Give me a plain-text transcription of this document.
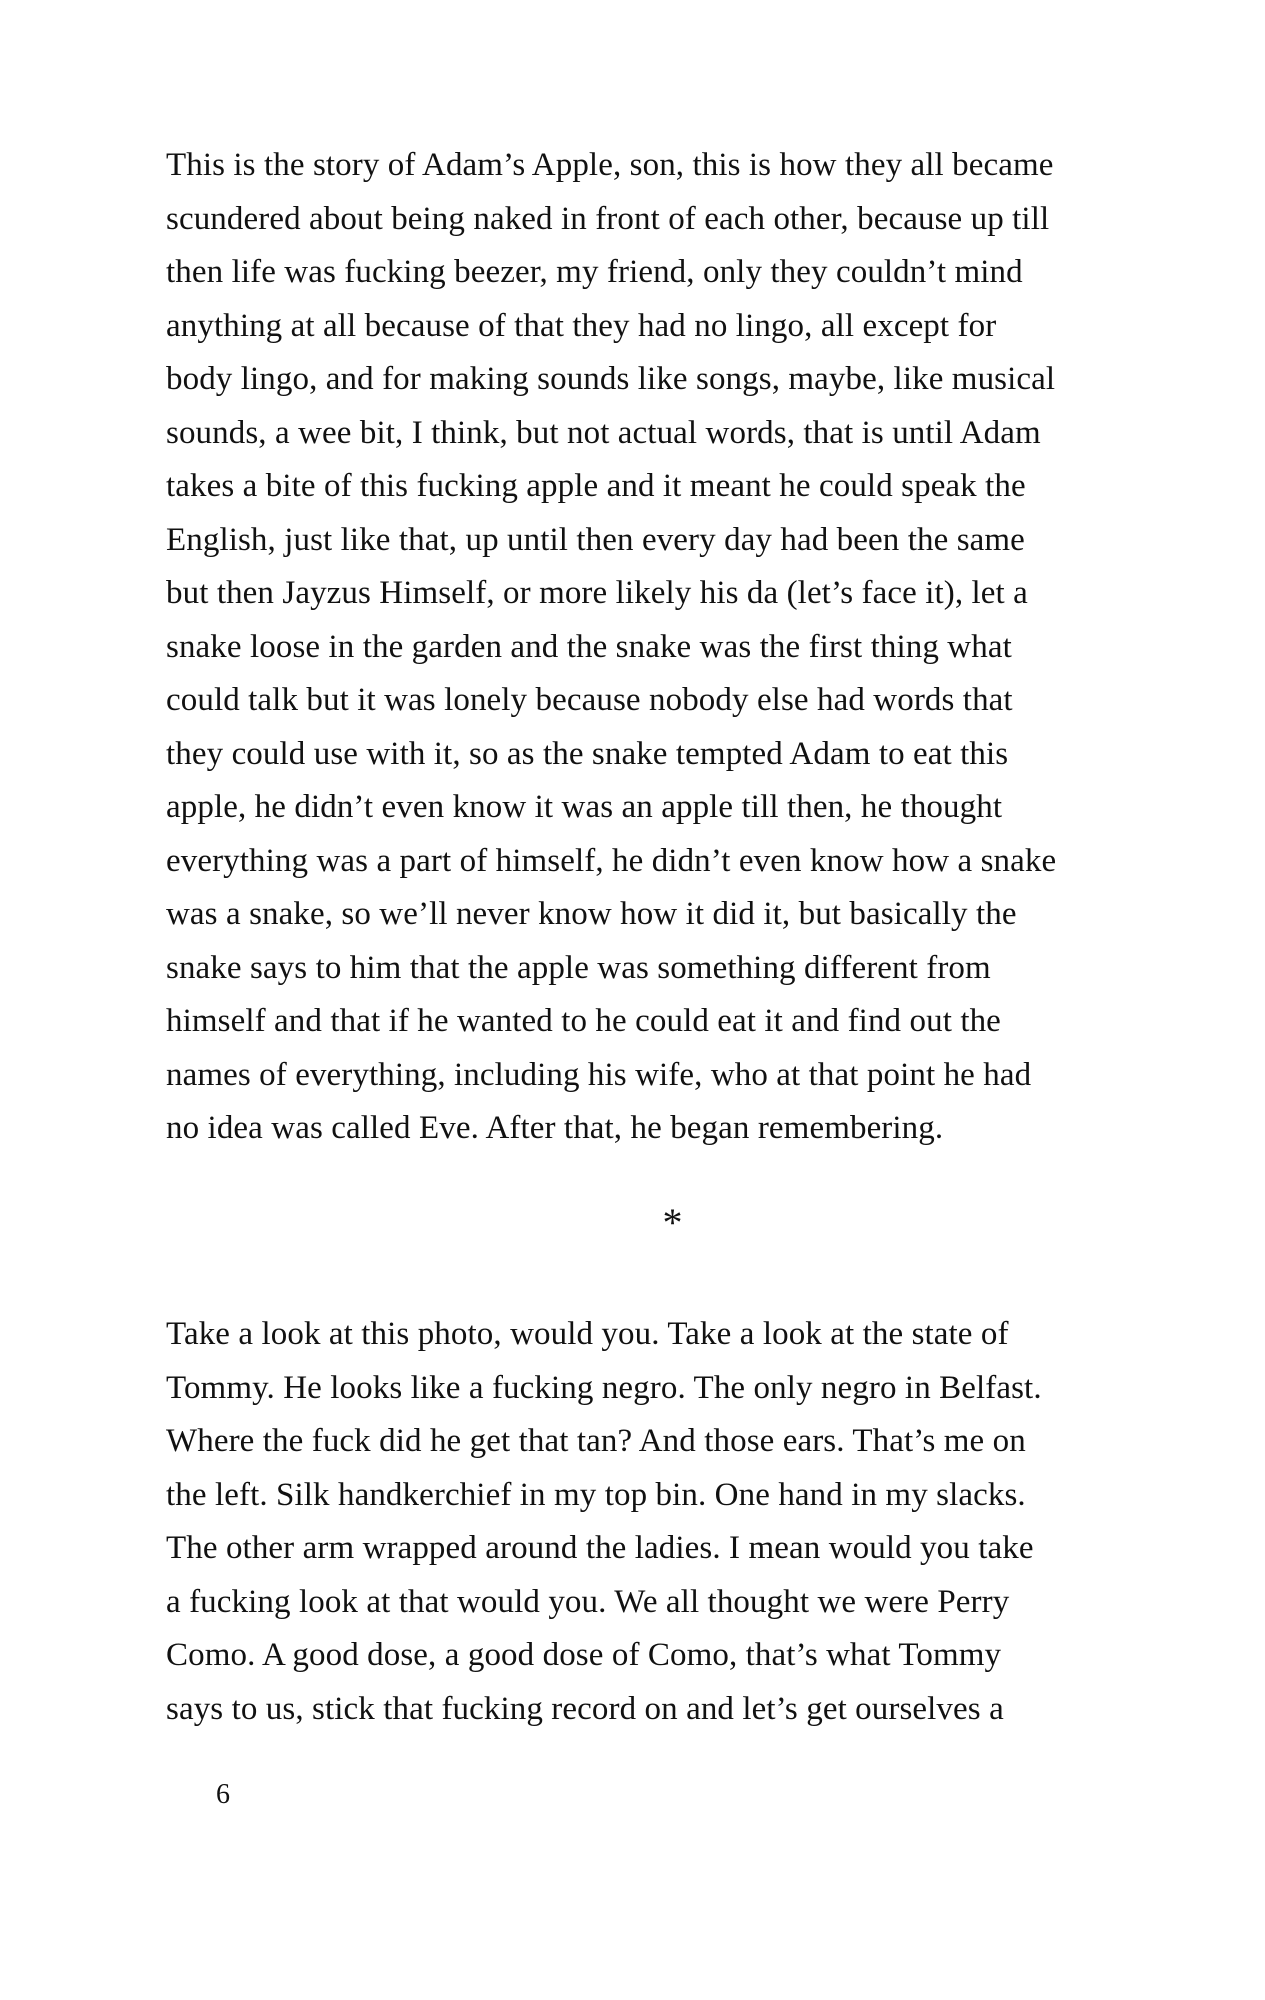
This is the story of Adam’s Apple, son, this is how they all became
scundered about being naked in front of each other, because up till
then life was fucking beezer, my friend, only they couldn’t mind
anything at all because of that they had no lingo, all except for
body lingo, and for making sounds like songs, maybe, like musical
sounds, a wee bit, I think, but not actual words, that is until Adam
takes a bite of this fucking apple and it meant he could speak the
English, just like that, up until then every day had been the same
but then Jayzus Himself, or more likely his da (let’s face it), let a
snake loose in the garden and the snake was the first thing what
could talk but it was lonely because nobody else had words that
they could use with it, so as the snake tempted Adam to eat this
apple, he didn’t even know it was an apple till then, he thought
everything was a part of himself, he didn’t even know how a snake
was a snake, so we’ll never know how it did it, but basically the
snake says to him that the apple was something different from
himself and that if he wanted to he could eat it and find out the
names of everything, including his wife, who at that point he had
no idea was called Eve. After that, he began remembering.
*
Take a look at this photo, would you. Take a look at the state of
Tommy. He looks like a fucking negro. The only negro in Belfast.
Where the fuck did he get that tan? And those ears. That’s me on
the left. Silk handkerchief in my top bin. One hand in my slacks.
The other arm wrapped around the ladies. I mean would you take
a fucking look at that would you. We all thought we were Perry
Como. A good dose, a good dose of Como, that’s what Tommy
says to us, stick that fucking record on and let’s get ourselves a
6
